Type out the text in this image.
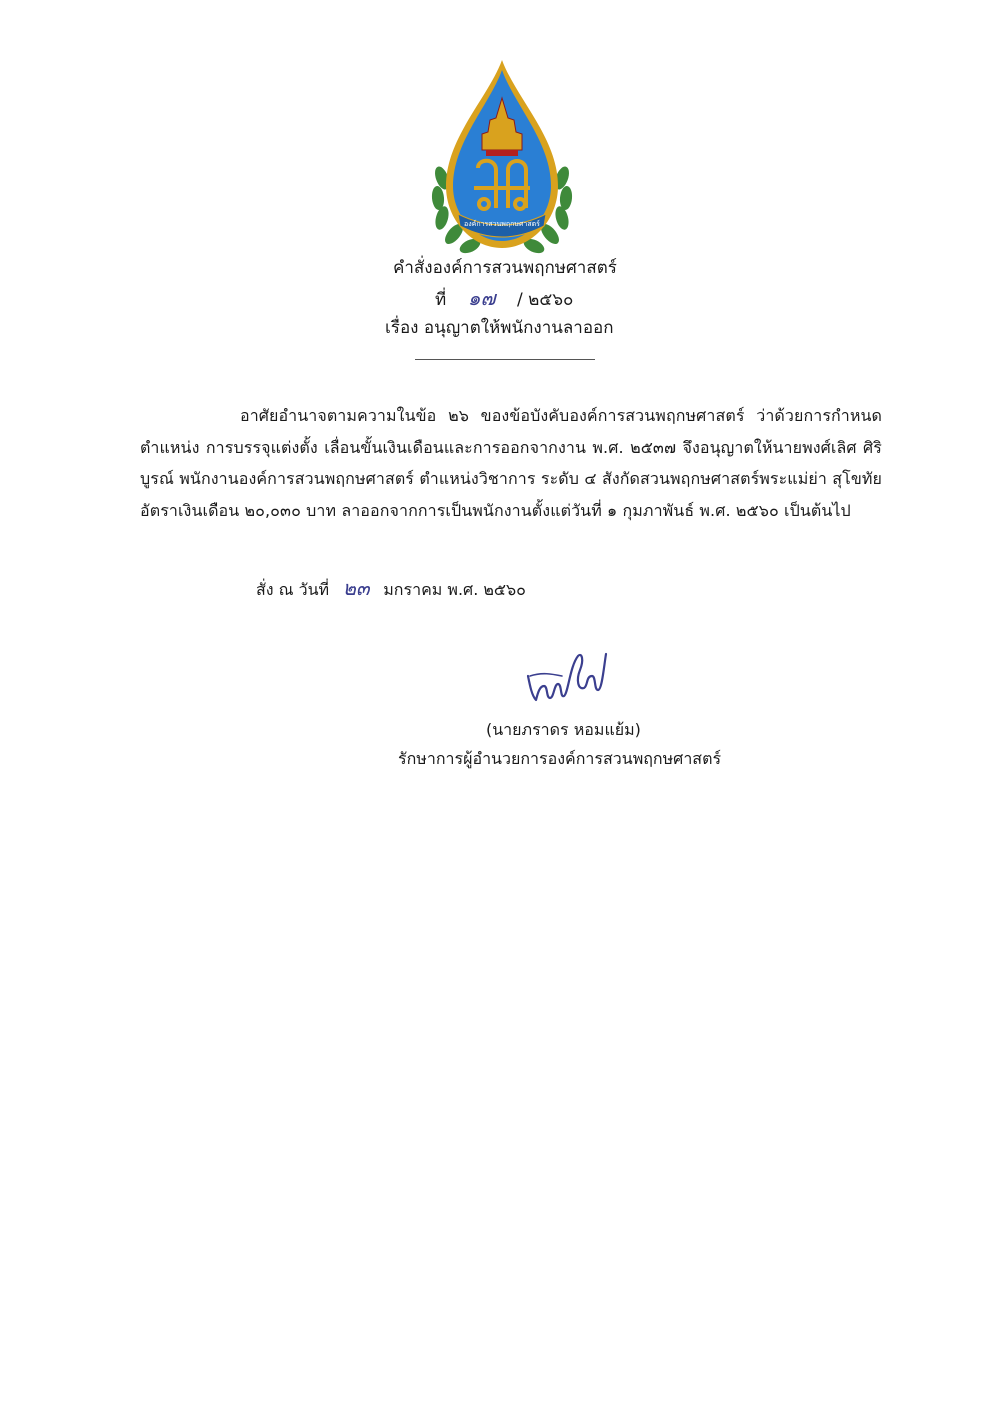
องค์การสวนพฤกษศาสตร์
คำสั่งองค์การสวนพฤกษศาสตร์
ที่ ๑๗ / ๒๕๖๐
เรื่อง อนุญาตให้พนักงานลาออก
อาศัยอำนาจตามความในข้อ ๒๖ ของข้อบังคับองค์การสวนพฤกษศาสตร์ ว่าด้วยการกำหนดตำแหน่ง การบรรจุแต่งตั้ง เลื่อนขั้นเงินเดือนและการออกจากงาน พ.ศ. ๒๕๓๗ จึงอนุญาตให้นายพงศ์เลิศ ศิริบูรณ์ พนักงานองค์การสวนพฤกษศาสตร์ ตำแหน่งวิชาการ ระดับ ๔ สังกัดสวนพฤกษศาสตร์พระแม่ย่า สุโขทัย อัตราเงินเดือน ๒๐,๐๓๐ บาท ลาออกจากการเป็นพนักงานตั้งแต่วันที่ ๑ กุมภาพันธ์ พ.ศ. ๒๕๖๐ เป็นต้นไป
สั่ง ณ วันที่ ๒๓ มกราคม พ.ศ. ๒๕๖๐
(นายภราดร หอมแย้ม)
รักษาการผู้อำนวยการองค์การสวนพฤกษศาสตร์
